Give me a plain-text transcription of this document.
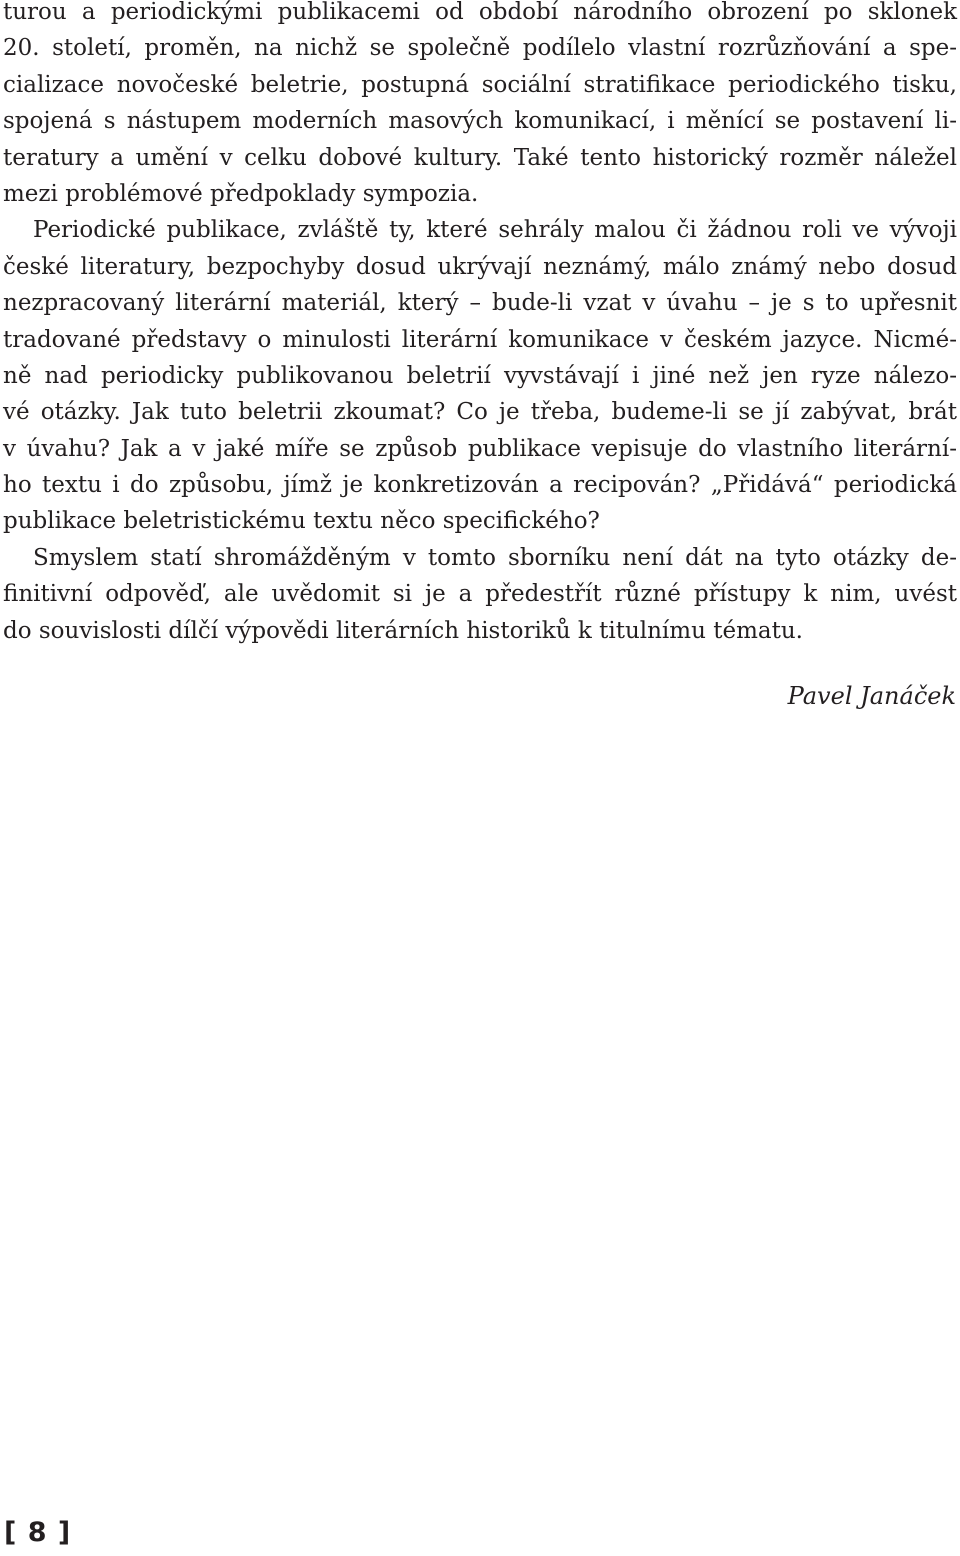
turou a periodickými publikacemi od období národního obrození po sklonek
20. století, proměn, na nichž se společně podílelo vlastní rozrůzňování a spe-
cializace novočeské beletrie, postupná sociální stratifikace periodického tisku,
spojená s nástupem moderních masových komunikací, i měnící se postavení li-
teratury a umění v celku dobové kultury. Také tento historický rozměr náležel
mezi problémové předpoklady sympozia.
Periodické publikace, zvláště ty, které sehrály malou či žádnou roli ve vývoji
české literatury, bezpochyby dosud ukrývají neznámý, málo známý nebo dosud
nezpracovaný literární materiál, který – bude-li vzat v úvahu – je s to upřesnit
tradované představy o minulosti literární komunikace v českém jazyce. Nicmé-
ně nad periodicky publikovanou beletrií vyvstávají i jiné než jen ryze nálezo-
vé otázky. Jak tuto beletrii zkoumat? Co je třeba, budeme-li se jí zabývat, brát
v úvahu? Jak a v jaké míře se způsob publikace vepisuje do vlastního literární-
ho textu i do způsobu, jímž je konkretizován a recipován? „Přidává“ periodická
publikace beletristickému textu něco specifického?
Smyslem statí shromážděným v tomto sborníku není dát na tyto otázky de-
finitivní odpověď, ale uvědomit si je a předestřít různé přístupy k nim, uvést
do souvislosti dílčí výpovědi literárních historiků k titulnímu tématu.
Pavel Janáček
[ 8 ]
